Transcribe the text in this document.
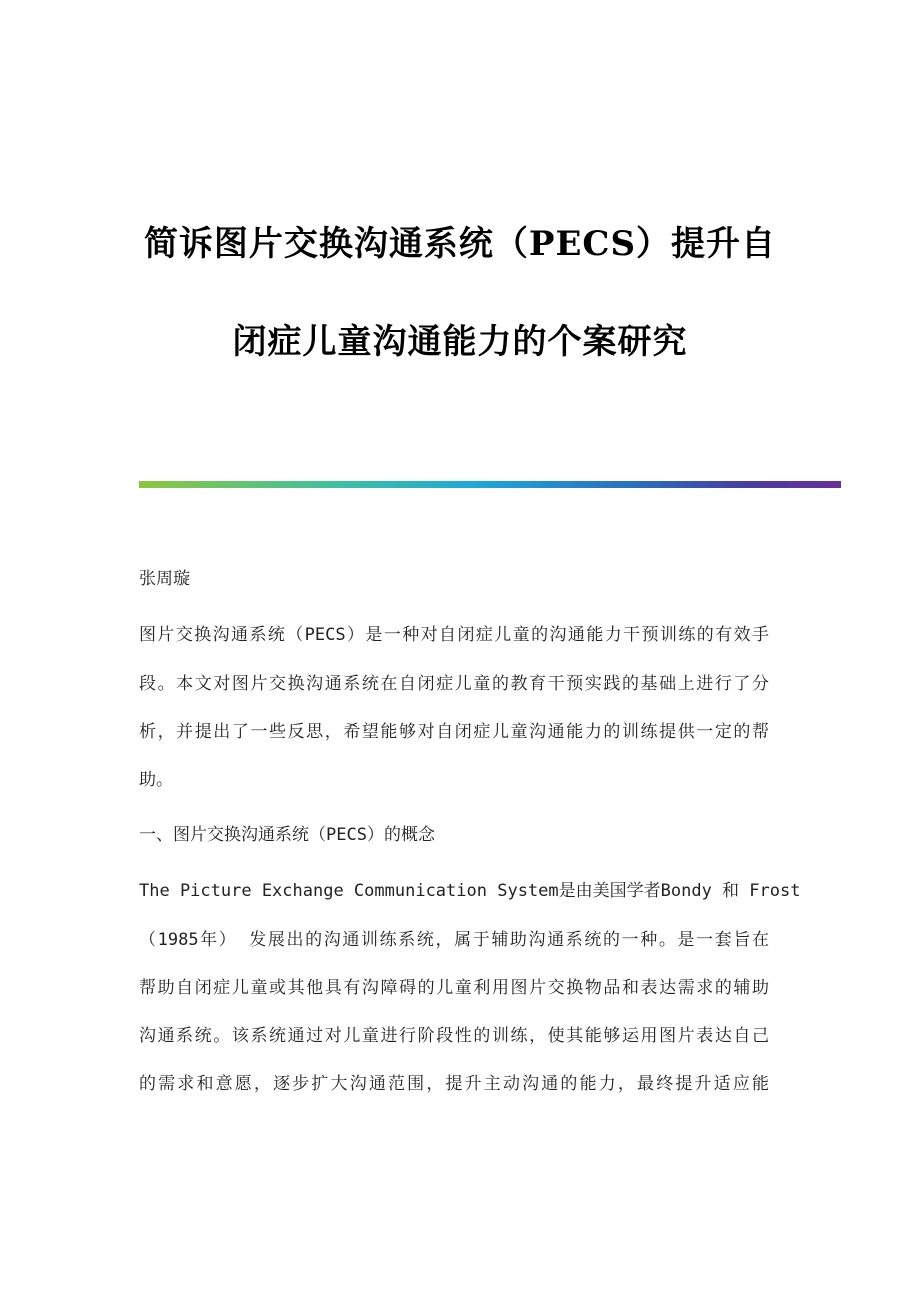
简诉图片交换沟通系统（PECS）提升自
闭症儿童沟通能力的个案研究
张周璇
图片交换沟通系统（PECS）是一种对自闭症儿童的沟通能力干预训练的有效手
段。本文对图片交换沟通系统在自闭症儿童的教育干预实践的基础上进行了分
析，并提出了一些反思，希望能够对自闭症儿童沟通能力的训练提供一定的帮
助。
一、图片交换沟通系统（PECS）的概念
The Picture Exchange Communication System是由美国学者Bondy 和 Frost
（1985年） 发展出的沟通训练系统，属于辅助沟通系统的一种。是一套旨在
帮助自闭症儿童或其他具有沟障碍的儿童利用图片交换物品和表达需求的辅助
沟通系统。该系统通过对儿童进行阶段性的训练，使其能够运用图片表达自己
的需求和意愿，逐步扩大沟通范围，提升主动沟通的能力，最终提升适应能
